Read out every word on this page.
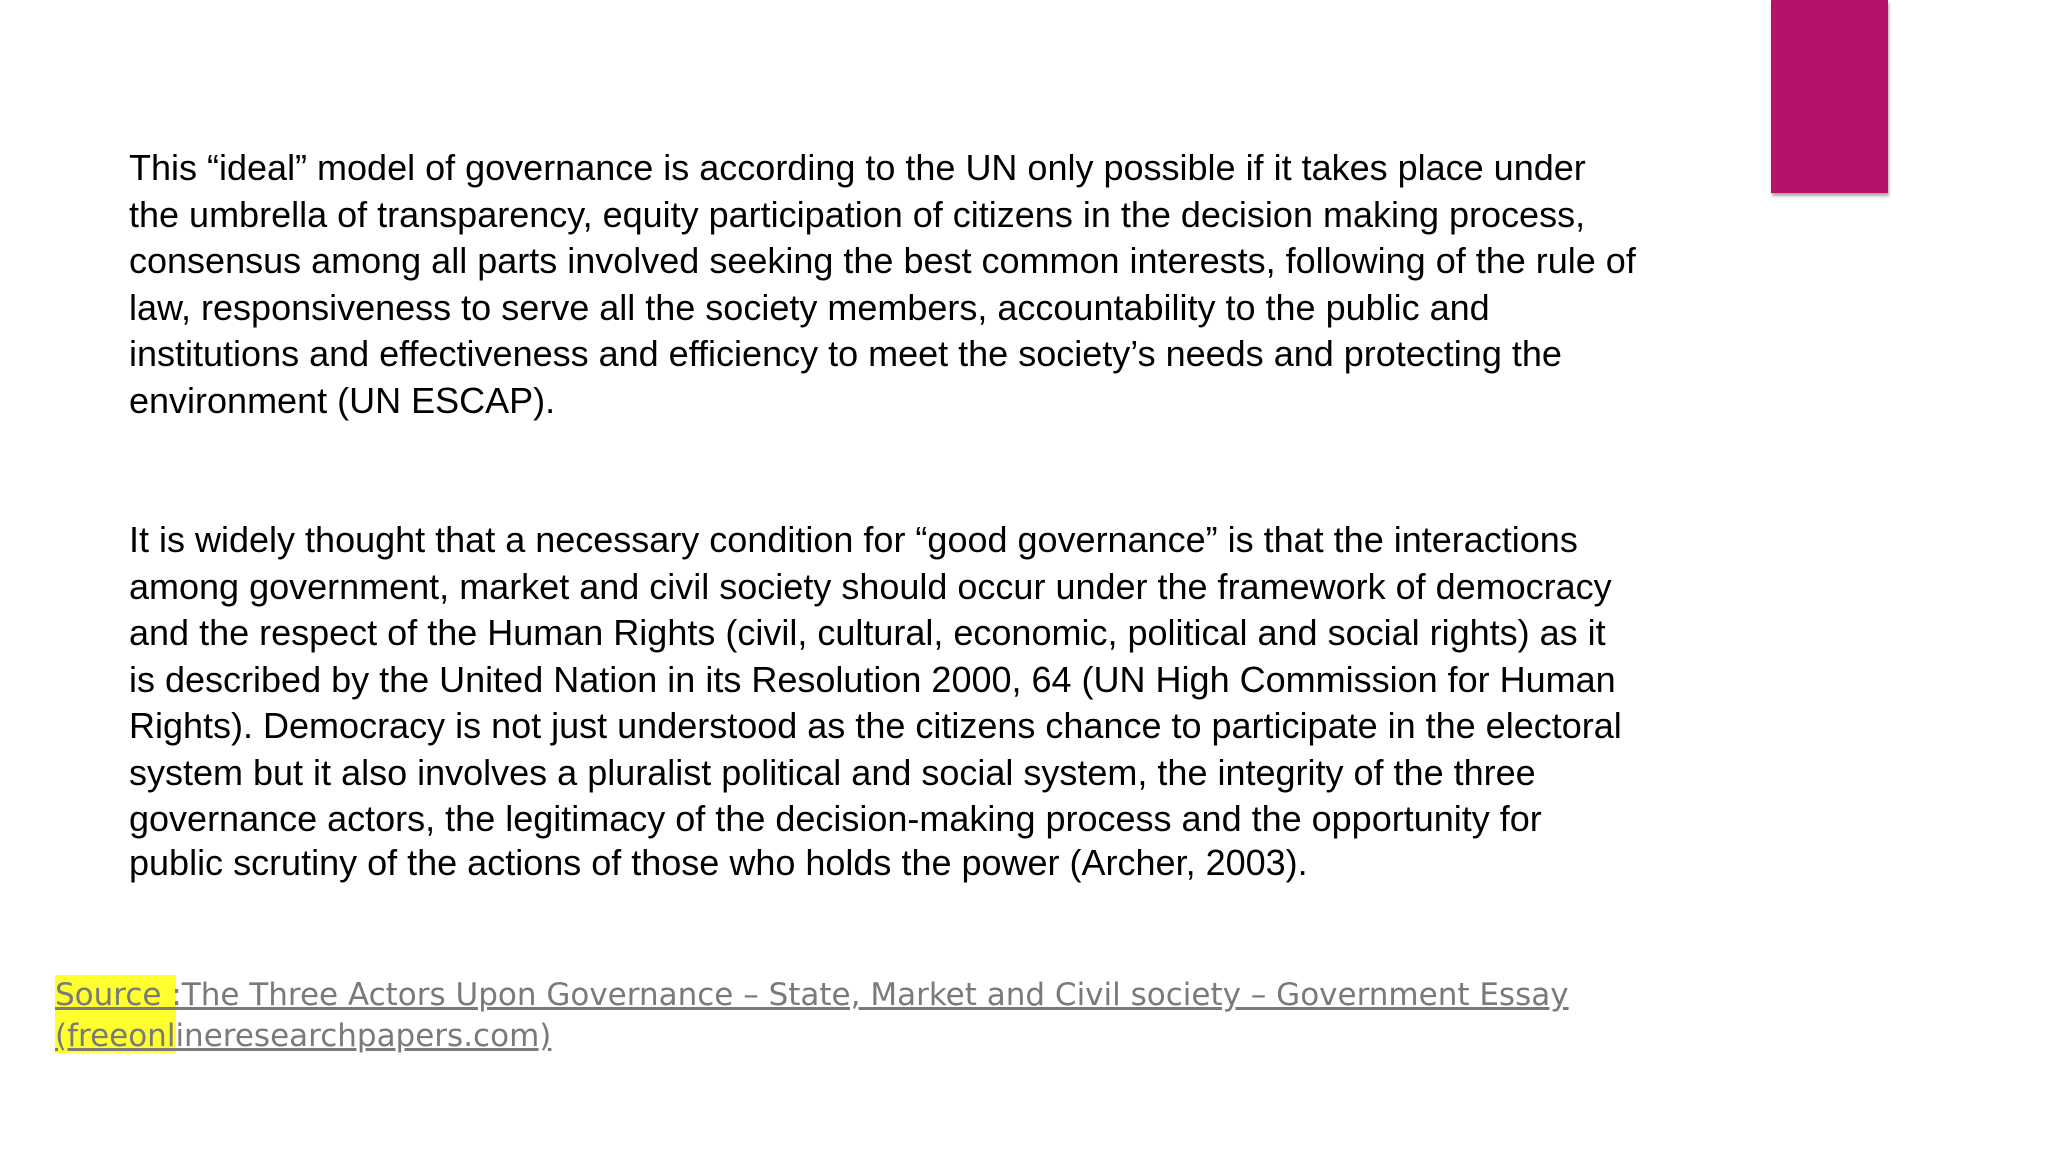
This “ideal” model of governance is according to the UN only possible if it takes place under
the umbrella of transparency, equity participation of citizens in the decision making process,
consensus among all parts involved seeking the best common interests, following of the rule of
law, responsiveness to serve all the society members, accountability to the public and
institutions and effectiveness and efficiency to meet the society’s needs and protecting the
environment (UN ESCAP).
It is widely thought that a necessary condition for “good governance” is that the interactions
among government, market and civil society should occur under the framework of democracy
and the respect of the Human Rights (civil, cultural, economic, political and social rights) as it
is described by the United Nation in its Resolution 2000, 64 (UN High Commission for Human
Rights). Democracy is not just understood as the citizens chance to participate in the electoral
system but it also involves a pluralist political and social system, the integrity of the three
governance actors, the legitimacy of the decision-making process and the opportunity for
public scrutiny of the actions of those who holds the power (Archer, 2003).

Source :The Three Actors Upon Governance – State, Market and Civil society – Government Essay
(freeonlineresearchpapers.com)
